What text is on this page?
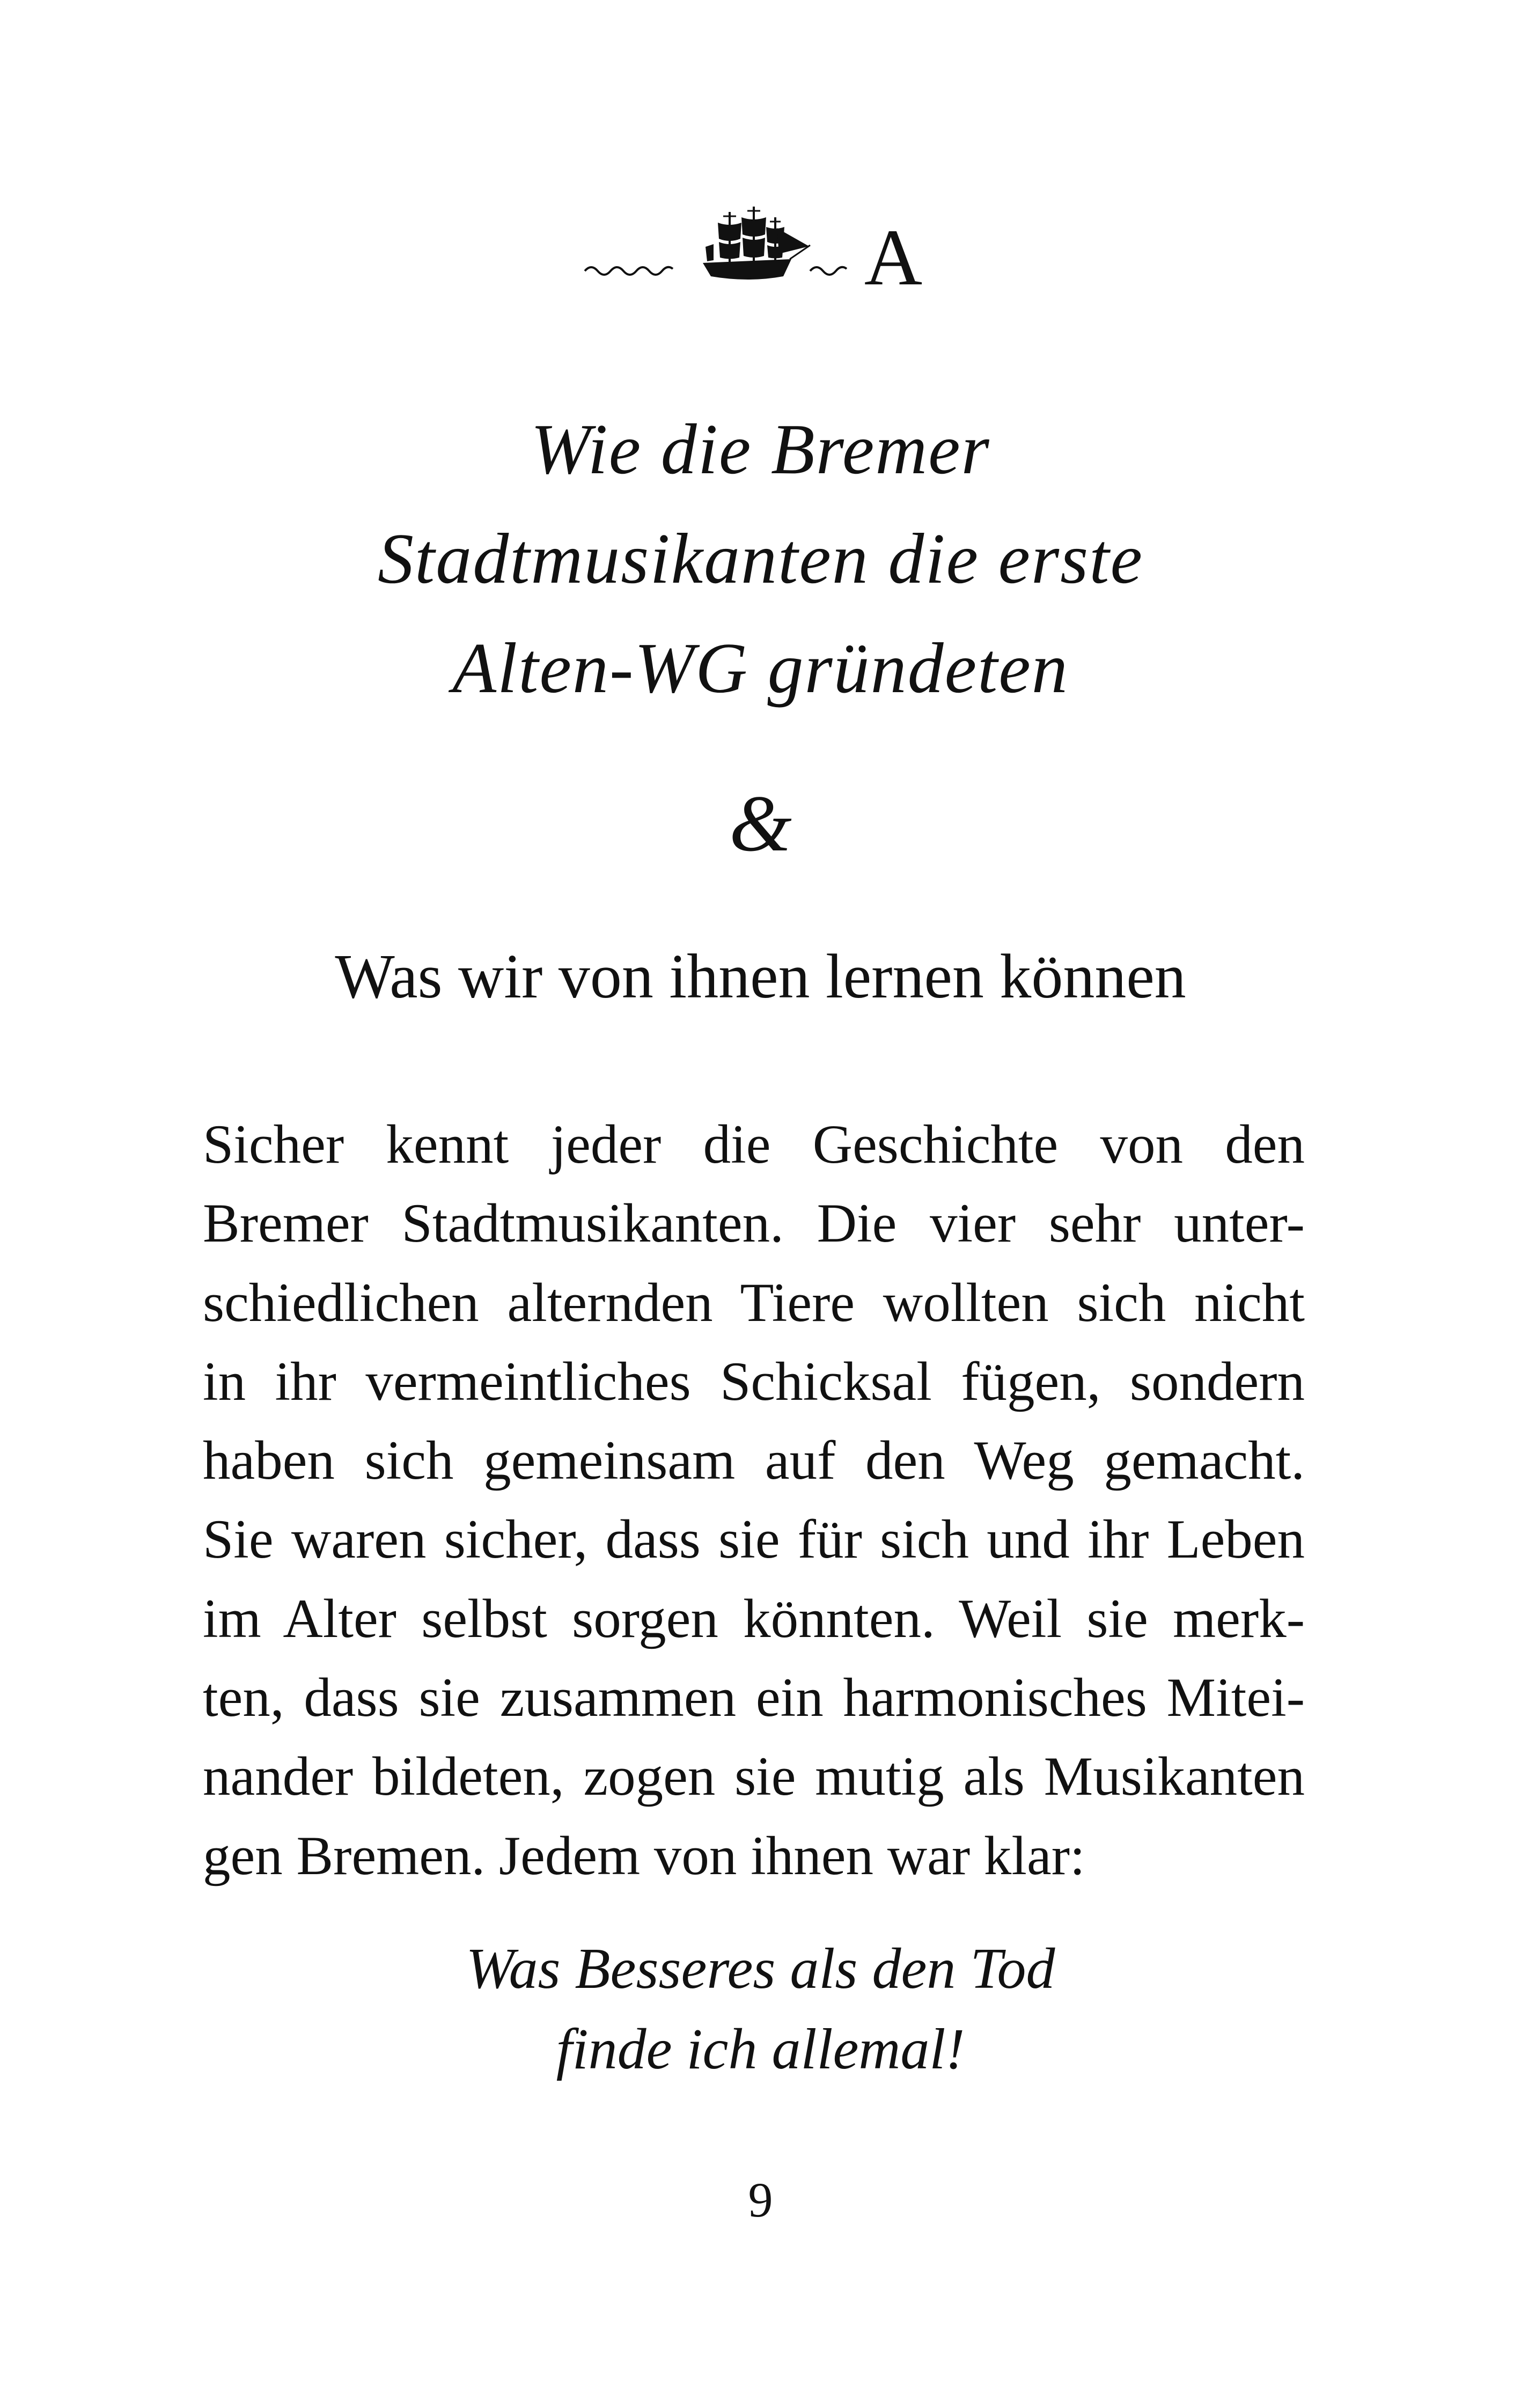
A
Wie die Bremer
Stadtmusikanten die erste
Alten-WG gründeten
&
Was wir von ihnen lernen können

Sicher kennt jeder die Geschichte von den
Bremer Stadtmusikanten. Die vier sehr unter-
schiedlichen alternden Tiere wollten sich nicht
in ihr vermeintliches Schicksal fügen, sondern
haben sich gemeinsam auf den Weg gemacht.
Sie waren sicher, dass sie für sich und ihr Leben
im Alter selbst sorgen könnten. Weil sie merk-
ten, dass sie zusammen ein harmonisches Mitei-
nander bildeten, zogen sie mutig als Musikanten
gen Bremen. Jedem von ihnen war klar:

Was Besseres als den Tod
finde ich allemal!

9
